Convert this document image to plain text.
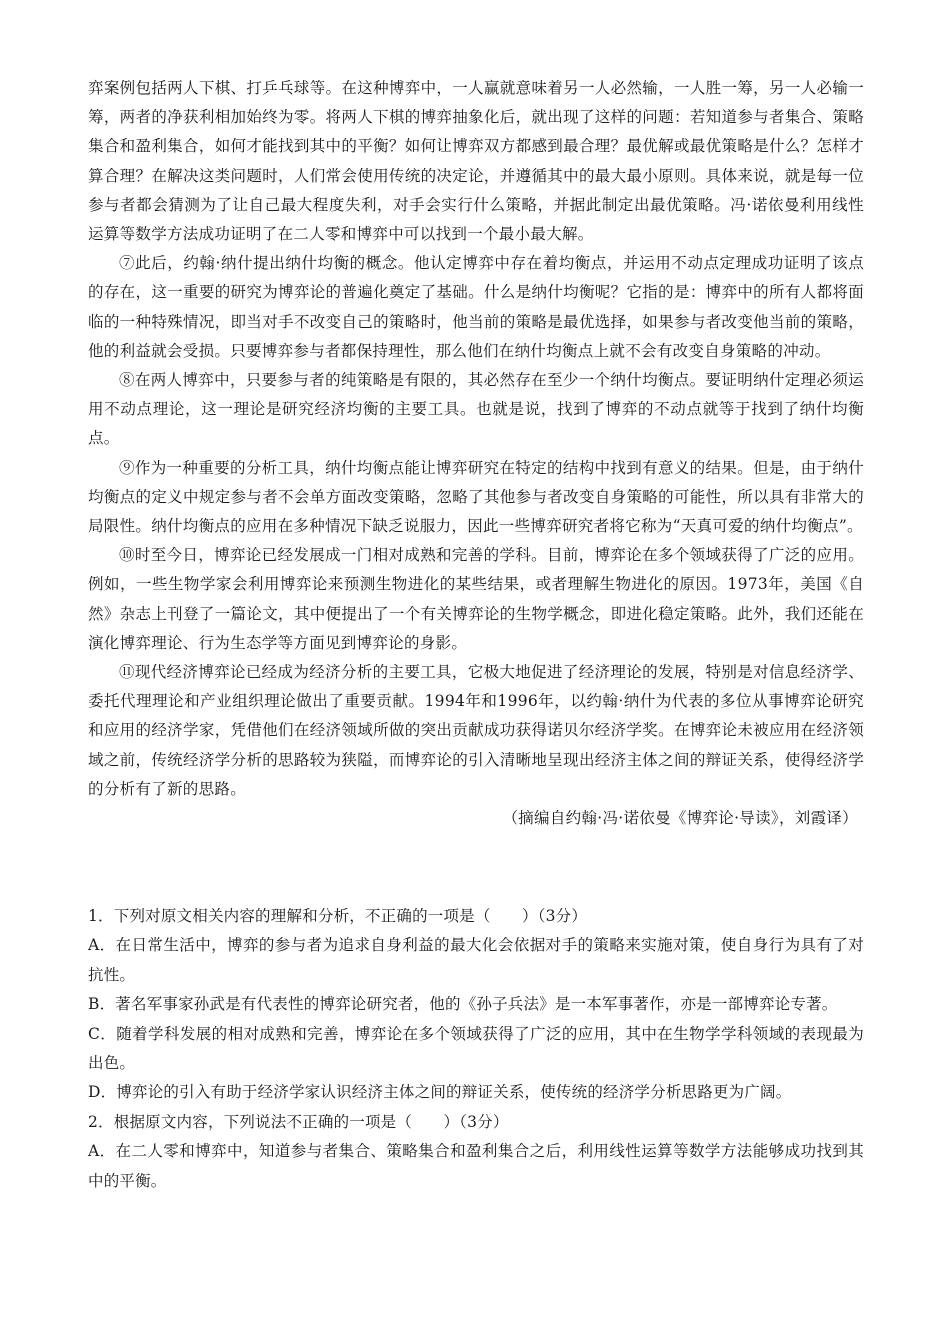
弈案例包括两人下棋、打乒乓球等。在这种博弈中，一人赢就意味着另一人必然输，一人胜一筹，另一人必输一筹，两者的净获利相加始终为零。将两人下棋的博弈抽象化后，就出现了这样的问题：若知道参与者集合、策略集合和盈利集合，如何才能找到其中的平衡？如何让博弈双方都感到最合理？最优解或最优策略是什么？怎样才算合理？在解决这类问题时，人们常会使用传统的决定论，并遵循其中的最大最小原则。具体来说，就是每一位参与者都会猜测为了让自己最大程度失利，对手会实行什么策略，并据此制定出最优策略。冯·诺依曼利用线性运算等数学方法成功证明了在二人零和博弈中可以找到一个最小最大解。

⑦此后，约翰·纳什提出纳什均衡的概念。他认定博弈中存在着均衡点，并运用不动点定理成功证明了该点的存在，这一重要的研究为博弈论的普遍化奠定了基础。什么是纳什均衡呢？它指的是：博弈中的所有人都将面临的一种特殊情况，即当对手不改变自己的策略时，他当前的策略是最优选择，如果参与者改变他当前的策略，他的利益就会受损。只要博弈参与者都保持理性，那么他们在纳什均衡点上就不会有改变自身策略的冲动。

⑧在两人博弈中，只要参与者的纯策略是有限的，其必然存在至少一个纳什均衡点。要证明纳什定理必须运用不动点理论，这一理论是研究经济均衡的主要工具。也就是说，找到了博弈的不动点就等于找到了纳什均衡点。

⑨作为一种重要的分析工具，纳什均衡点能让博弈研究在特定的结构中找到有意义的结果。但是，由于纳什均衡点的定义中规定参与者不会单方面改变策略，忽略了其他参与者改变自身策略的可能性，所以具有非常大的局限性。纳什均衡点的应用在多种情况下缺乏说服力，因此一些博弈研究者将它称为“天真可爱的纳什均衡点”。

⑩时至今日，博弈论已经发展成一门相对成熟和完善的学科。目前，博弈论在多个领域获得了广泛的应用。例如，一些生物学家会利用博弈论来预测生物进化的某些结果，或者理解生物进化的原因。1973年，美国《自然》杂志上刊登了一篇论文，其中便提出了一个有关博弈论的生物学概念，即进化稳定策略。此外，我们还能在演化博弈理论、行为生态学等方面见到博弈论的身影。

⑪现代经济博弈论已经成为经济分析的主要工具，它极大地促进了经济理论的发展，特别是对信息经济学、委托代理理论和产业组织理论做出了重要贡献。1994年和1996年，以约翰·纳什为代表的多位从事博弈论研究和应用的经济学家，凭借他们在经济领域所做的突出贡献成功获得诺贝尔经济学奖。在博弈论未被应用在经济领域之前，传统经济学分析的思路较为狭隘，而博弈论的引入清晰地呈现出经济主体之间的辩证关系，使得经济学的分析有了新的思路。

（摘编自约翰·冯·诺依曼《博弈论·导读》，刘霞译）

1．下列对原文相关内容的理解和分析，不正确的一项是（　　）（3分）

A．在日常生活中，博弈的参与者为追求自身利益的最大化会依据对手的策略来实施对策，使自身行为具有了对抗性。

B．著名军事家孙武是有代表性的博弈论研究者，他的《孙子兵法》是一本军事著作，亦是一部博弈论专著。

C．随着学科发展的相对成熟和完善，博弈论在多个领域获得了广泛的应用，其中在生物学学科领域的表现最为出色。

D．博弈论的引入有助于经济学家认识经济主体之间的辩证关系，使传统的经济学分析思路更为广阔。

2．根据原文内容，下列说法不正确的一项是（　　）（3分）

A．在二人零和博弈中，知道参与者集合、策略集合和盈利集合之后，利用线性运算等数学方法能够成功找到其中的平衡。
